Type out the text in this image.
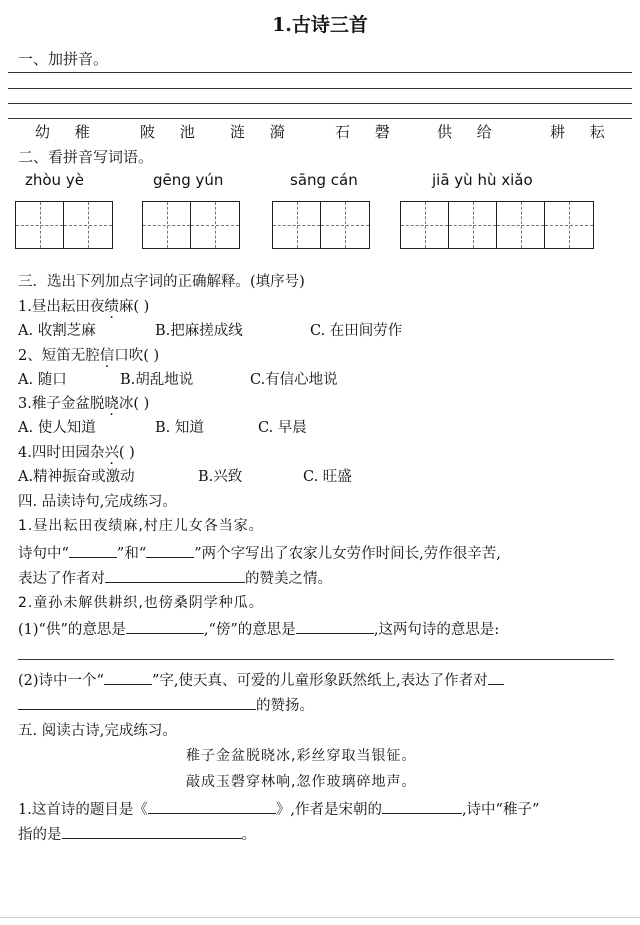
1.古诗三首
一、加拼音。
幼 稚	陂 池 涟 漪	石 磬 供 给	耕 耘
二、看拼音写词语。
zhòu yè	gēng yún	sāng cán	jiā yù hù xiǎo
三．选出下列加点字词的正确解释。(填序号)
1.昼出耘田夜绩麻( )
A. 收割芝麻	B.把麻搓成线	C. 在田间劳作
2、短笛无腔信口吹( )
A. 随口	B.胡乱地说	C.有信心地说
3.稚子金盆脱晓冰( )
A. 使人知道	B. 知道	C. 早晨
4.四时田园杂兴( )
A.精神振奋或激动	B.兴致	C. 旺盛
四. 品读诗句,完成练习。
1.昼出耘田夜绩麻,村庄儿女各当家。
诗句中“	”和“	”两个字写出了农家儿女劳作时间长,劳作很辛苦,
表达了作者对	的赞美之情。
2.童孙未解供耕织,也傍桑阴学种瓜。
(1)“供”的意思是	,“傍”的意思是	,这两句诗的意思是:
(2)诗中一个“	”字,使天真、可爱的儿童形象跃然纸上,表达了作者对
的赞扬。
五. 阅读古诗,完成练习。
稚子金盆脱晓冰,彩丝穿取当银钲。
敲成玉磬穿林响,忽作玻璃碎地声。
1.这首诗的题目是《	》,作者是宋朝的	,诗中“稚子”
指的是	。
